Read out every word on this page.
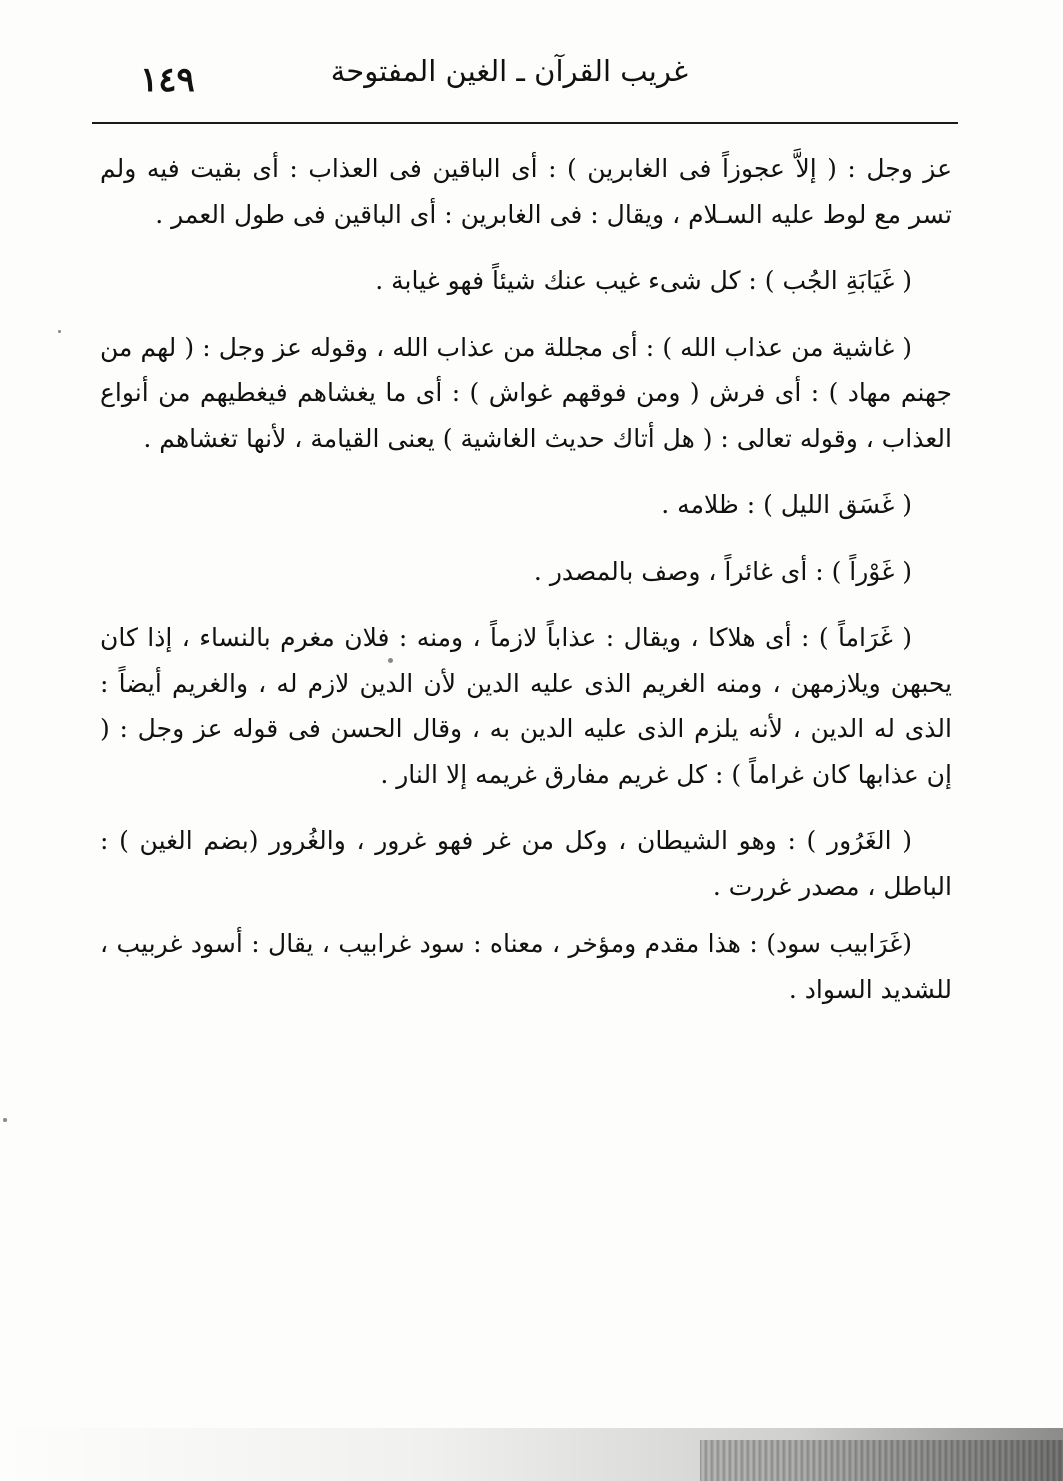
غريب القرآن ـ الغين المفتوحة
١٤٩

عز وجل : ( إلاَّ عجوزاً فى الغابرين ) : أى الباقين فى العذاب : أى بقيت فيه ولم تسر مع لوط عليه السـلام ، ويقال : فى الغابرين : أى الباقين فى طول العمر .

( غَيَابَةِ الجُب ) : كل شىء غيب عنك شيئاً فهو غيابة .

( غاشية من عذاب الله ) : أى مجللة من عذاب الله ، وقوله عز وجل : ( لهم من جهنم مهاد ) : أى فرش ( ومن فوقهم غواش ) : أى ما يغشاهم فيغطيهم من أنواع العذاب ، وقوله تعالى : ( هل أتاك حديث الغاشية ) يعنى القيامة ، لأنها تغشاهم .

( غَسَق الليل ) : ظلامه .

( غَوْراً ) : أى غائراً ، وصف بالمصدر .

( غَرَاماً ) : أى هلاكا ، ويقال : عذاباً لازماً ، ومنه : فلان مغرم بالنساء ، إذا كان يحبهن ويلازمهن ، ومنه الغريم الذى عليه الدين لأن الدين لازم له ، والغريم أيضاً : الذى له الدين ، لأنه يلزم الذى عليه الدين به ، وقال الحسن فى قوله عز وجل : ( إن عذابها كان غراماً ) : كل غريم مفارق غريمه إلا النار .

( الغَرُور ) : وهو الشيطان ، وكل من غر فهو غرور ، والغُرور (بضم الغين ) : الباطل ، مصدر غررت .

(غَرَابيب سود) : هذا مقدم ومؤخر ، معناه : سود غرابيب ، يقال : أسود غربيب ، للشديد السواد .
